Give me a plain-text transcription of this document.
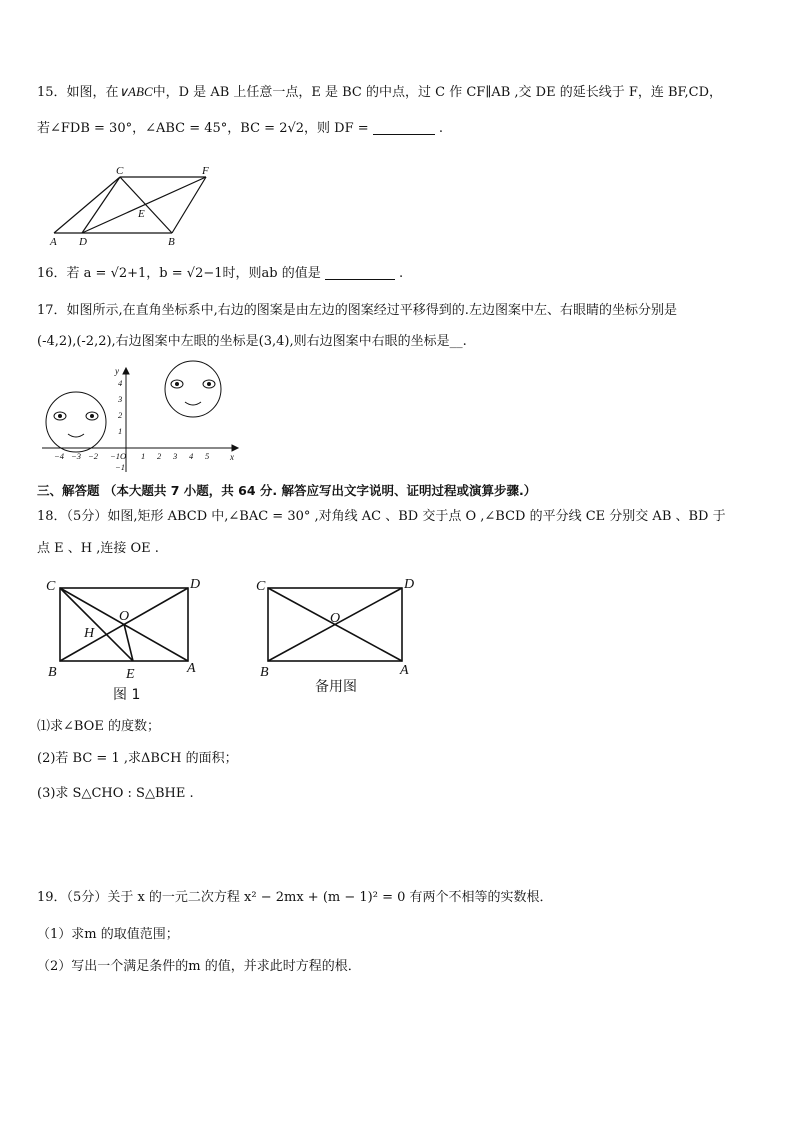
15．如图，在∨ABC中，D 是 AB 上任意一点，E 是 BC 的中点，过 C 作 CF∥AB ,交 DE 的延长线于 F，连 BF,CD，
若∠FDB = 30°，∠ABC = 45°，BC = 2√2，则 DF =	.
C	F
E
A D	B
16．若 a = √2+1，b = √2−1时，则ab 的值是	.
17．如图所示,在直角坐标系中,右边的图案是由左边的图案经过平移得到的.左边图案中左、右眼睛的坐标分别是
(-4,2),(-2,2),右边图案中左眼的坐标是(3,4),则右边图案中右眼的坐标是__.
y
x
−4 −3 −2 −1O 1 2 3 4 5
4
3
2
1
−1
三、解答题 （本大题共 7 小题，共 64 分. 解答应写出文字说明、证明过程或演算步骤.）
18．（5分）如图,矩形 ABCD 中,∠BAC = 30° ,对角线 AC 、BD 交于点 O ,∠BCD 的平分线 CE 分别交 AB 、BD 于
点 E 、H ,连接 OE .
C	D
O
H
B	E	A
图 1
C	D
O
B	A
备用图
⑴求∠BOE 的度数；
(2)若 BC = 1 ,求ΔBCH 的面积；
(3)求 S△CHO : S△BHE .
19．（5分）关于 x 的一元二次方程 x² − 2mx + (m − 1)² = 0 有两个不相等的实数根．
（1）求m 的取值范围；
（2）写出一个满足条件的m 的值，并求此时方程的根．
